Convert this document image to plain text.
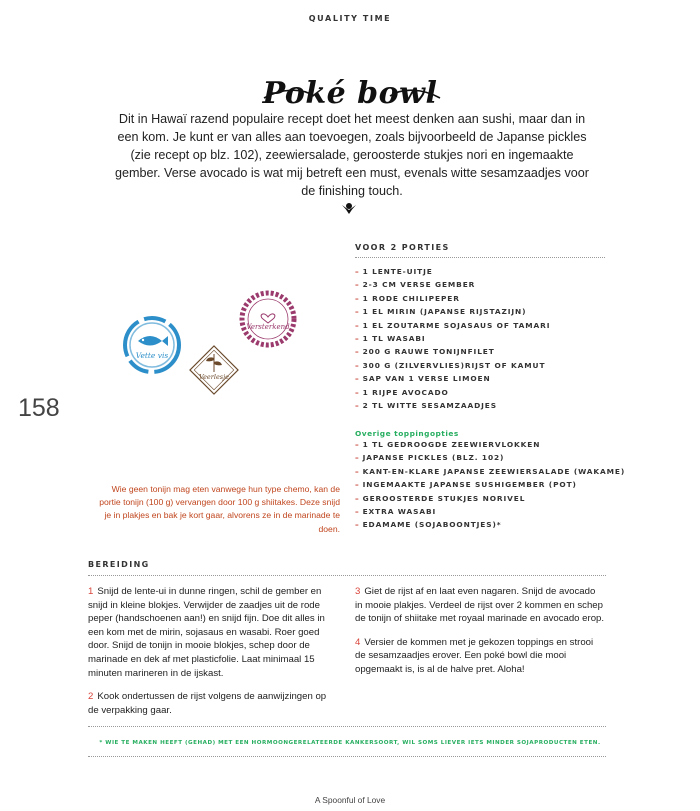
QUALITY TIME
Poké bowl
Dit in Hawaï razend populaire recept doet het meest denken aan sushi, maar dan in een kom. Je kunt er van alles aan toevoegen, zoals bijvoorbeeld de Japanse pickles (zie recept op blz. 102), zeewiersalade, geroosterde stukjes nori en ingemaakte gember. Verse avocado is wat mij betreft een must, evenals witte sesamzaadjes voor de finishing touch.
158
Vette vis
Veerlesje
Versterkend
VOOR 2 PORTIES
– 1 LENTE-UITJE
– 2-3 CM VERSE GEMBER
– 1 RODE CHILIPEPER
– 1 EL MIRIN (JAPANSE RIJSTAZIJN)
– 1 EL ZOUTARME SOJASAUS OF TAMARI
– 1 TL WASABI
– 200 G RAUWE TONIJNFILET
– 300 G (ZILVERVLIES)RIJST OF KAMUT
– SAP VAN 1 VERSE LIMOEN
– 1 RIJPE AVOCADO
– 2 TL WITTE SESAMZAADJES
Overige toppingopties
– 1 TL GEDROOGDE ZEEWIERVLOKKEN
– JAPANSE PICKLES (BLZ. 102)
– KANT-EN-KLARE JAPANSE ZEEWIERSALADE (WAKAME)
– INGEMAAKTE JAPANSE SUSHIGEMBER (POT)
– GEROOSTERDE STUKJES NORIVEL
– EXTRA WASABI
– EDAMAME (SOJABOONTJES)*
Wie geen tonijn mag eten vanwege hun type chemo, kan de portie tonijn (100 g) vervangen door 100 g shiitakes. Deze snijd je in plakjes en bak je kort gaar, alvorens ze in de marinade te doen.
BEREIDING

1 Snijd de lente-ui in dunne ringen, schil de gember en snijd in kleine blokjes. Verwijder de zaadjes uit de rode peper (handschoenen aan!) en snijd fijn. Doe dit alles in een kom met de mirin, sojasaus en wasabi. Roer goed door. Snijd de tonijn in mooie blokjes, schep door de marinade en dek af met plasticfolie. Laat minimaal 15 minuten marineren in de ijskast.

2 Kook ondertussen de rijst volgens de aanwijzingen op de verpakking gaar.

3 Giet de rijst af en laat even nagaren. Snijd de avocado in mooie plakjes. Verdeel de rijst over 2 kommen en schep de tonijn of shiitake met royaal marinade en avocado erop.

4 Versier de kommen met je gekozen toppings en strooi de sesamzaadjes erover. Een poké bowl die mooi opgemaakt is, is al de halve pret. Aloha!

* WIE TE MAKEN HEEFT (GEHAD) MET EEN HORMOONGERELATEERDE KANKERSOORT, WIL SOMS LIEVER IETS MINDER SOJAPRODUCTEN ETEN.
A Spoonful of Love
